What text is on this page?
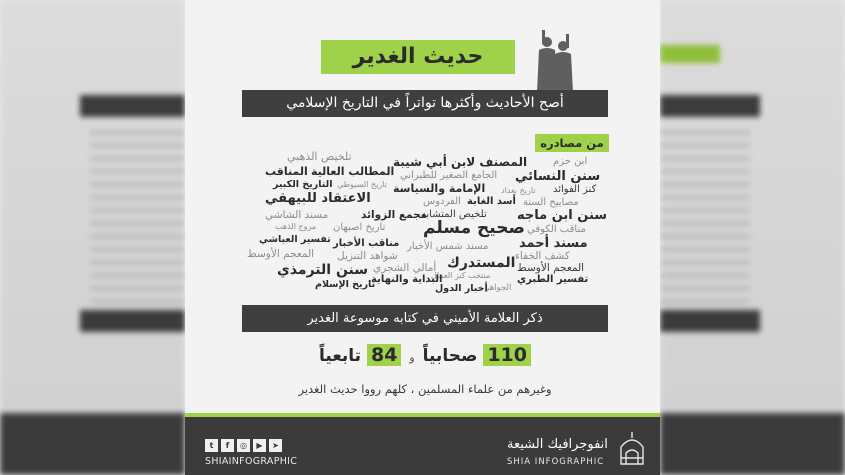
حديث الغدير
أصح الأحاديث وأكثرها تواتراً في التاريخ الإسلامي
من مصادره
تلخيص الذهبي	ابن حزم
المصنف لابن أبي شيبة
سنن النسائي
الجامع الصغير للطبراني
المطالب العالية
المناقب
تاريخ السيوطي
التاريخ الكبير	كنز الفوائد
تاريخ بغداد
الإمامة والسياسة
الاعتقاد للبيهقي	مصابيح السنة
أسد الغابة
الفردوس
سنن ابن ماجه
تلخيص المتشابه
مجمع الزوائد
مسند الشاشي
مناقب الكوفي
صحيح مسلم
تاريخ اصبهان
مروج الذهب
تفسير العياشي	مسند أحمد
مسند شمس الأخبار
مناقب الأخبار
كشف الخفاء
شواهد التنزيل
المعجم الأوسط
المستدرك المعجم الأوسط
أمالي الشجري
سنن الترمذي	منتخب كنز العمال	تفسير الطبري
البداية والنهاية
الجواهر
تاريخ الإسلام	أخبار الدول
ذكر العلامة الأميني في كتابه موسوعة الغدير
110 صحابياً و 84 تابعياً
وغيرهم من علماء المسلمين ، كلهم رووا حديث الغدير
t	f	◎	▶	➤
SHIAINFOGRAPHIC
انفوجرافيك الشيعة
SHIA INFOGRAPHIC
